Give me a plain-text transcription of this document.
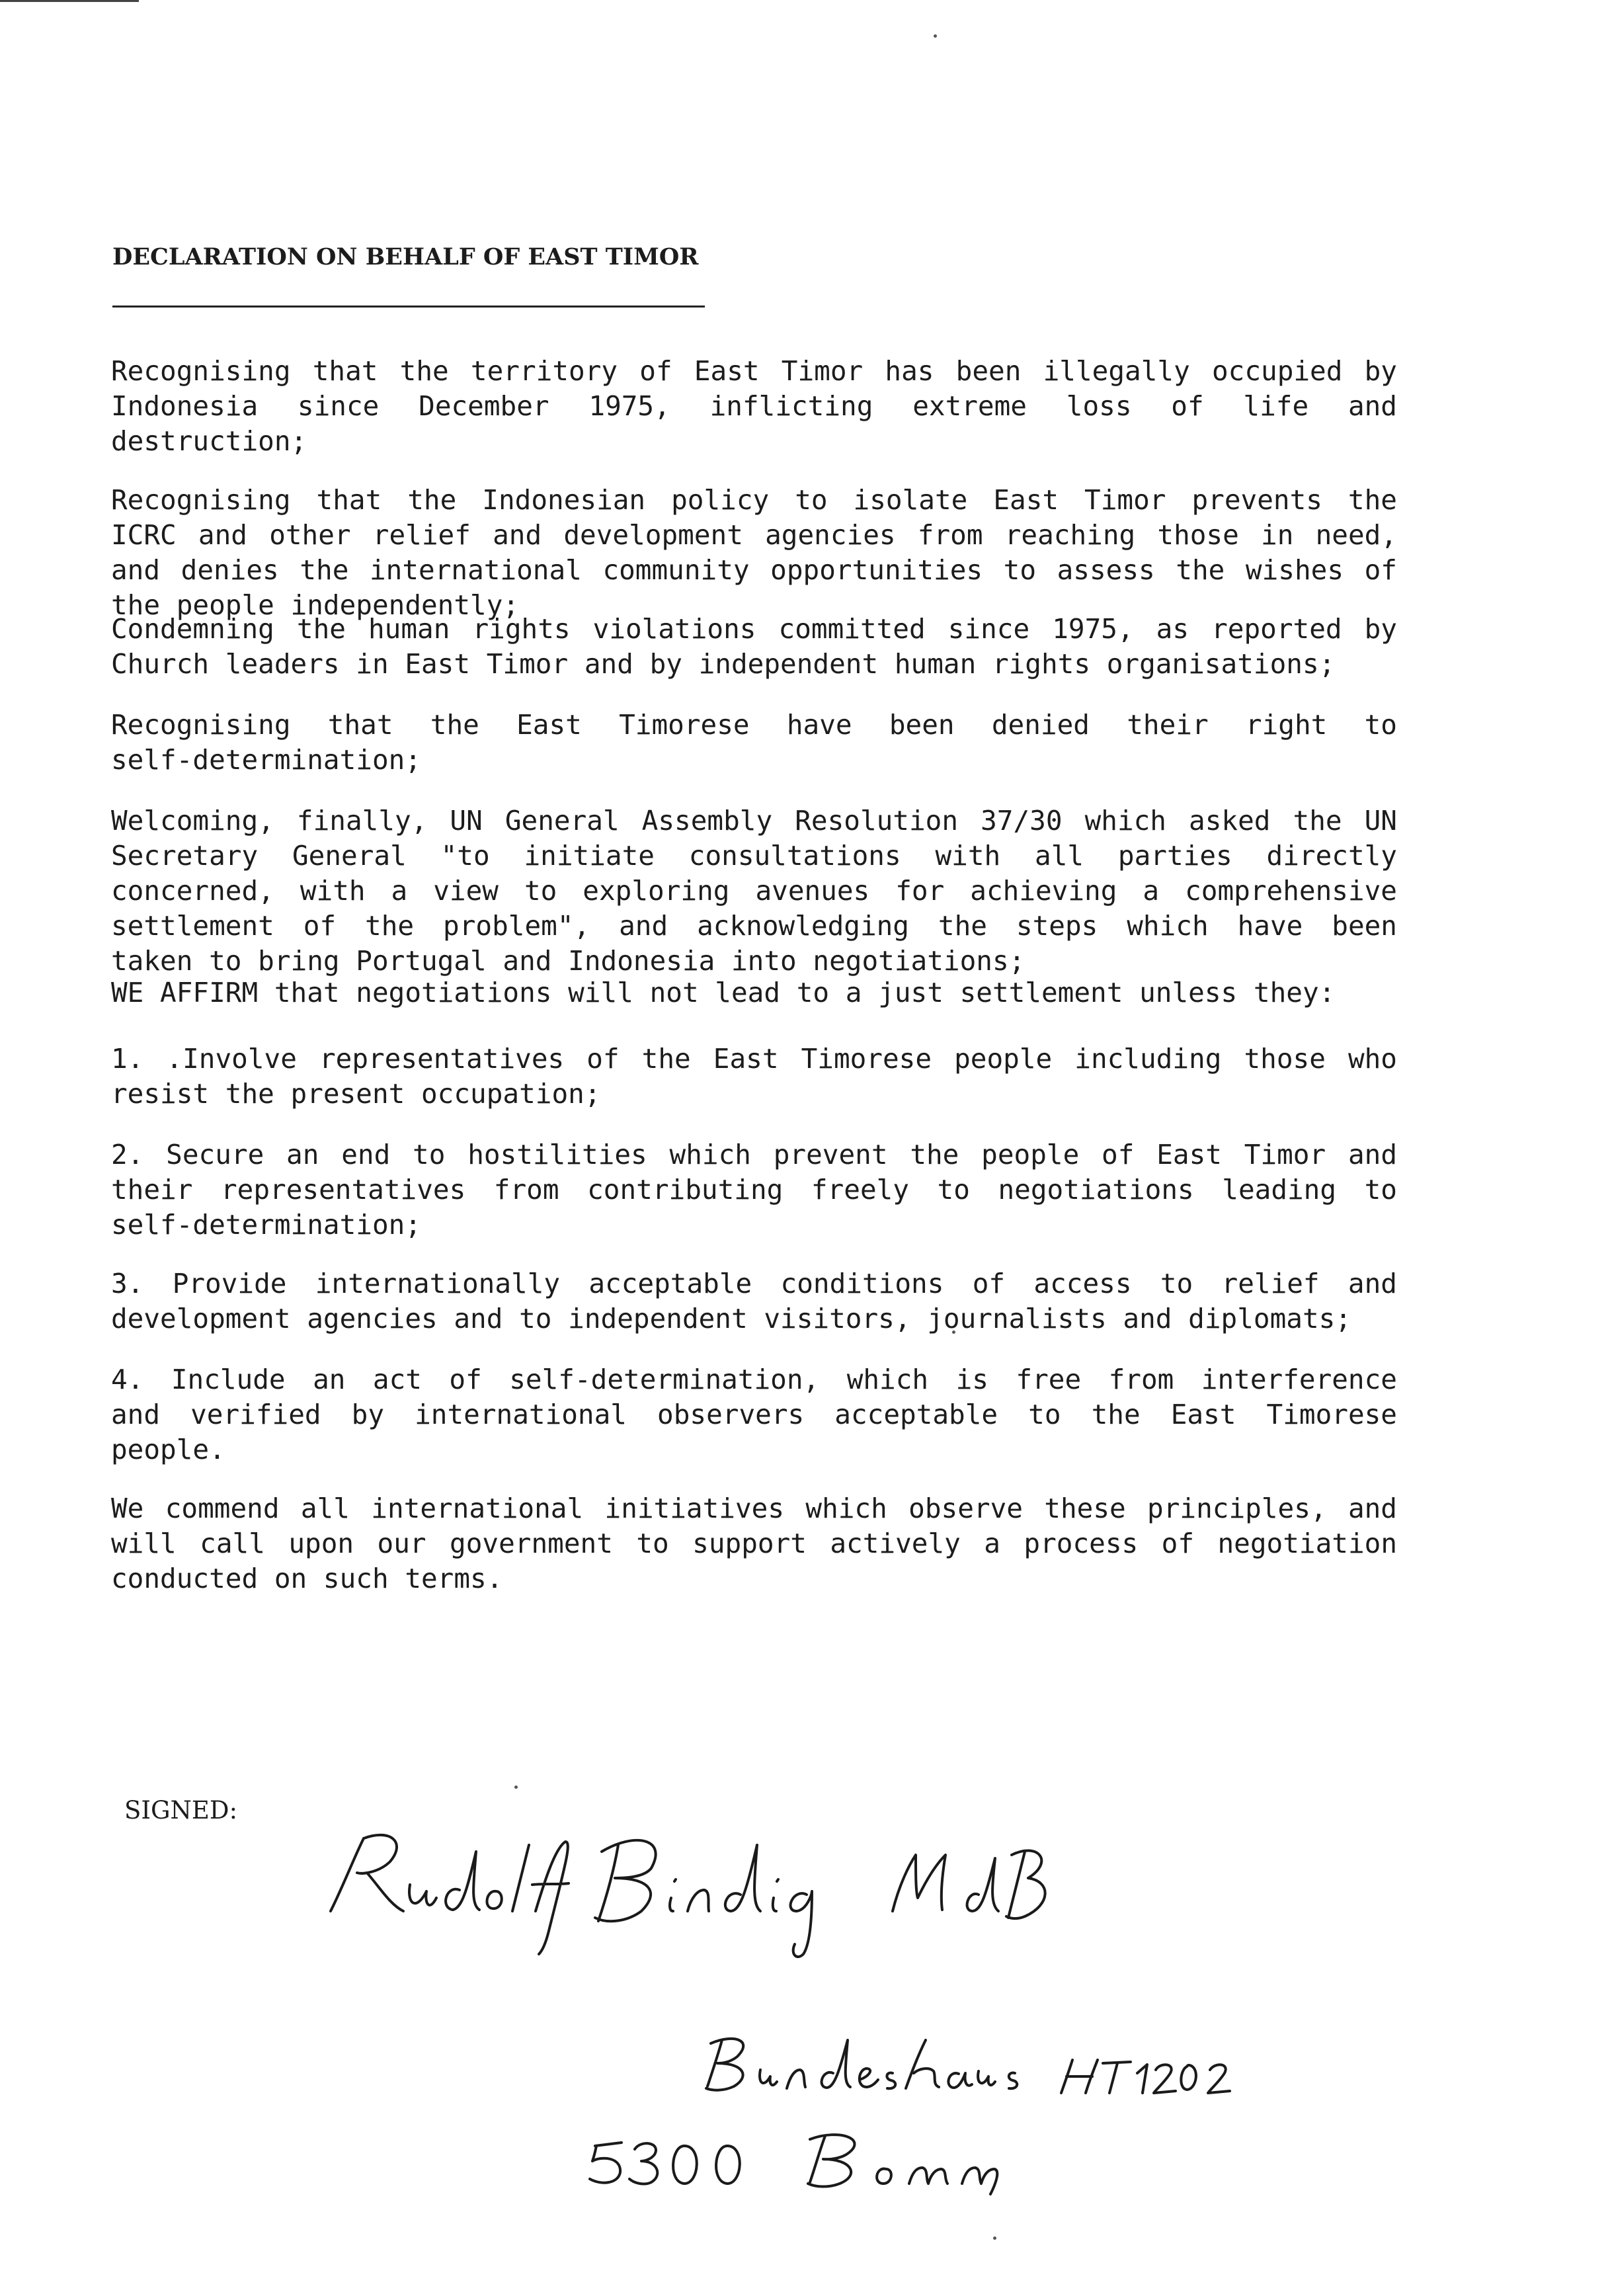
DECLARATION ON BEHALF OF EAST TIMOR
Recognising that the territory of East Timor has been illegally occupied by
Indonesia since December 1975, inflicting extreme loss of life and
destruction;
Recognising that the Indonesian policy to isolate East Timor prevents the
ICRC and other relief and development agencies from reaching those in need,
and denies the international community opportunities to assess the wishes of
the people independently;
Condemning the human rights violations committed since 1975, as reported by
Church leaders in East Timor and by independent human rights organisations;
Recognising that the East Timorese have been denied their right to
self-determination;
Welcoming, finally, UN General Assembly Resolution 37/30 which asked the UN
Secretary General "to initiate consultations with all parties directly
concerned, with a view to exploring avenues for achieving a comprehensive
settlement of the problem", and acknowledging the steps which have been
taken to bring Portugal and Indonesia into negotiations;
WE AFFIRM that negotiations will not lead to a just settlement unless they:
1. .Involve representatives of the East Timorese people including those who
resist the present occupation;
2. Secure an end to hostilities which prevent the people of East Timor and
their representatives from contributing freely to negotiations leading to
self-determination;
3. Provide internationally acceptable conditions of access to relief and
development agencies and to independent visitors, journalists and diplomats;
4. Include an act of self-determination, which is free from interference
and verified by international observers acceptable to the East Timorese
people.
We commend all international initiatives which observe these principles, and
will call upon our government to support actively a process of negotiation
conducted on such terms.

SIGNED:
